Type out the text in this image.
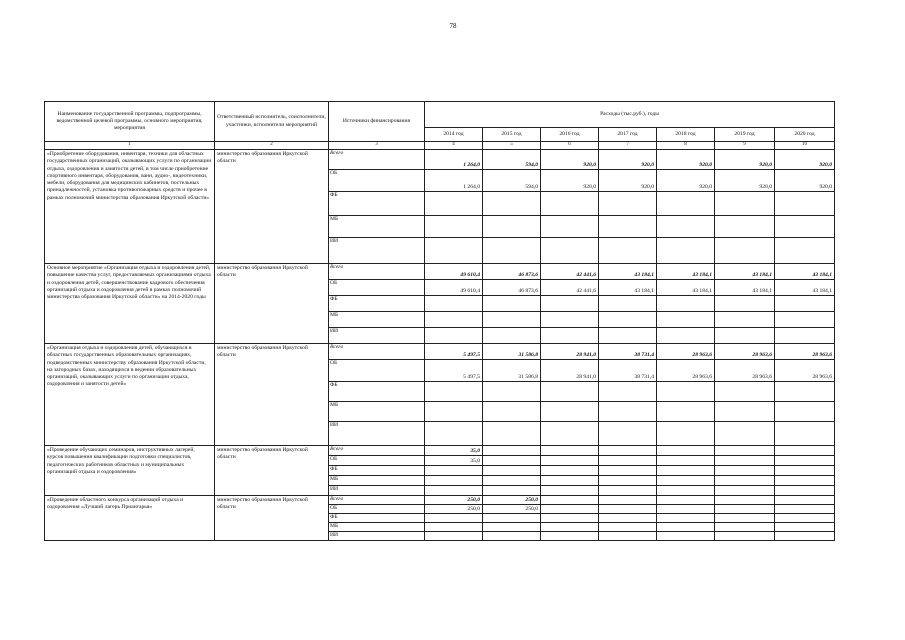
78
Наименование государственной программы, подпрограммы, ведомственной целевой программы, основного мероприятия, мероприятия	Ответственный исполнитель, соисполнители, участники, исполнители мероприятий	Источники финансирования	Расходы (тыс.руб.), годы						
			2014 год	2015 год	2016 год	2017 год	2018 год	2019 год	2020 год
1	2	3	4	5	6	7	8	9	10
«Приобретение оборудования, инвентаря, техники для областных государственных организаций, оказывающих услуги по организации отдыха, оздоровления и занятости детей, в том числе приобретение спортивного инвентаря, оборудования, ванн, аудио-, видеотехники, мебели, оборудования для медицинских кабинетов, постельных принадлежностей, установка противопожарных средств и прочее в рамках полномочий министерства образования Иркутской области»	министерство образования Иркутской области	Всего	1 264,0	594,0	920,0	920,0	920,0	920,0	920,0
		ОБ	1 264,0	594,0	920,0	920,0	920,0	920,0	920,0
		ФБ							
		МБ							
		ИИ							
Основное мероприятие «Организация отдыха и оздоровления детей, повышение качества услуг, предоставляемых организациями отдыха и оздоровления детей, совершенствование кадрового обеспечения организаций отдыха и оздоровления детей в рамках полномочий министерства образования Иркутской области» на 2014-2020 годы	министерство образования Иркутской области	Всего	49 610,4	46 873,6	42 441,6	43 184,1	43 184,1	43 184,1	43 184,1
		ОБ	49 610,4	46 873,6	42 441,6	43 184,1	43 184,1	43 184,1	43 184,1
		ФБ							
		МБ							
		ИИ							
«Организация отдыха и оздоровления детей, обучающихся в областных государственных образовательных организациях, подведомственных министерству образования Иркутской области, на загородных базах, находящихся в ведении образовательных организаций, оказывающих услуги по организации отдыха, оздоровления и занятости детей»	министерство образования Иркутской области	Всего	5 497,5	31 586,8	28 941,0	38 731,4	28 963,6	28 963,6	28 963,6
		ОБ	5 497,5	31 586,8	28 941,0	38 731,4	28 963,6	28 963,6	28 963,6
		ФБ							
		МБ							
		ИИ							
«Проведение обучающих семинаров, инструктивных лагерей, курсов повышения квалификации подготовки специалистов, педагогических работников областных и муниципальных организаций отдыха и оздоровления»	министерство образования Иркутской области	Всего	35,0						
		ОБ	35,0						
		ФБ							
		МБ							
		ИИ							
«Проведение областного конкурса организаций отдыха и оздоровления «Лучший лагерь Приангарья»	министерство образования Иркутской области	Всего	250,0	250,0					
		ОБ	250,0	250,0					
		ФБ							
		МБ							
		ИИ							
